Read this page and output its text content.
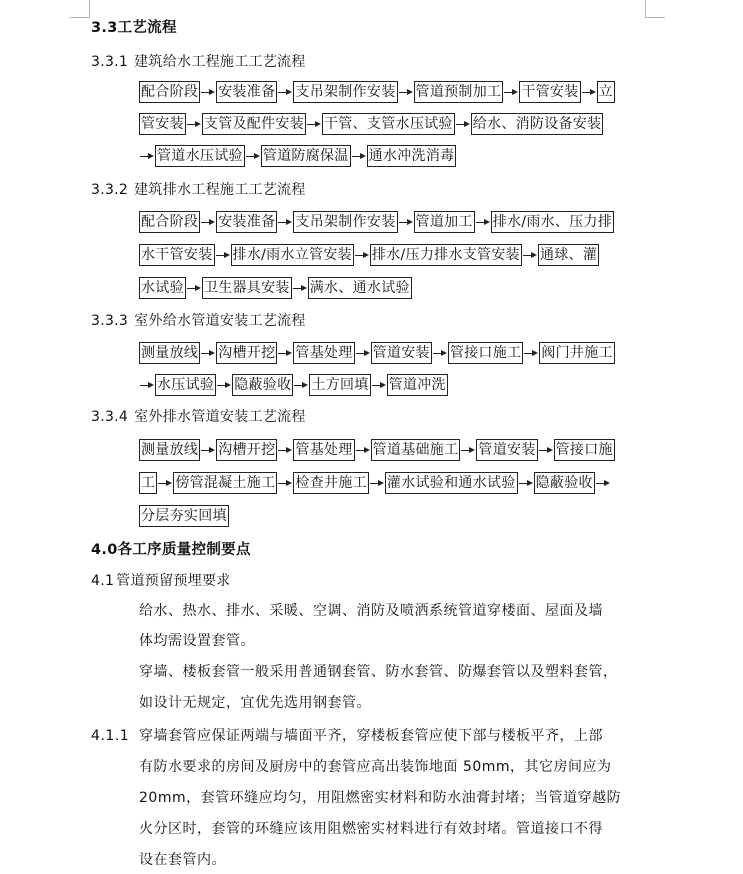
3.3工艺流程
3.3.1 建筑给水工程施工工艺流程
配合阶段 安装准备 支吊架制作安装 管道预制加工 干管安装 立
管安装 支管及配件安装 干管、支管水压试验 给水、消防设备安装
管道水压试验 管道防腐保温 通水冲洗消毒
3.3.2 建筑排水工程施工工艺流程
配合阶段 安装准备 支吊架制作安装 管道加工 排水/雨水、压力排
水干管安装 排水/雨水立管安装 排水/压力排水支管安装 通球、灌
水试验 卫生器具安装 满水、通水试验
3.3.3 室外给水管道安装工艺流程
测量放线 沟槽开挖 管基处理 管道安装 管接口施工 阀门井施工
水压试验 隐蔽验收 土方回填 管道冲洗
3.3.4 室外排水管道安装工艺流程
测量放线 沟槽开挖 管基处理 管道基础施工 管道安装 管接口施
工 傍管混凝土施工 检查井施工 灌水试验和通水试验 隐蔽验收
分层夯实回填
4.0各工序质量控制要点
4.1 管道预留预埋要求
给水、热水、排水、采暖、空调、消防及喷洒系统管道穿楼面、屋面及墙
体均需设置套管。
穿墙、楼板套管一般采用普通钢套管、防水套管、防爆套管以及塑料套管，
如设计无规定，宜优先选用钢套管。
4.1.1 穿墙套管应保证两端与墙面平齐，穿楼板套管应使下部与楼板平齐，上部
有防水要求的房间及厨房中的套管应高出装饰地面 50mm，其它房间应为
20mm，套管环缝应均匀，用阻燃密实材料和防水油膏封堵；当管道穿越防
火分区时，套管的环缝应该用阻燃密实材料进行有效封堵。管道接口不得
设在套管内。
